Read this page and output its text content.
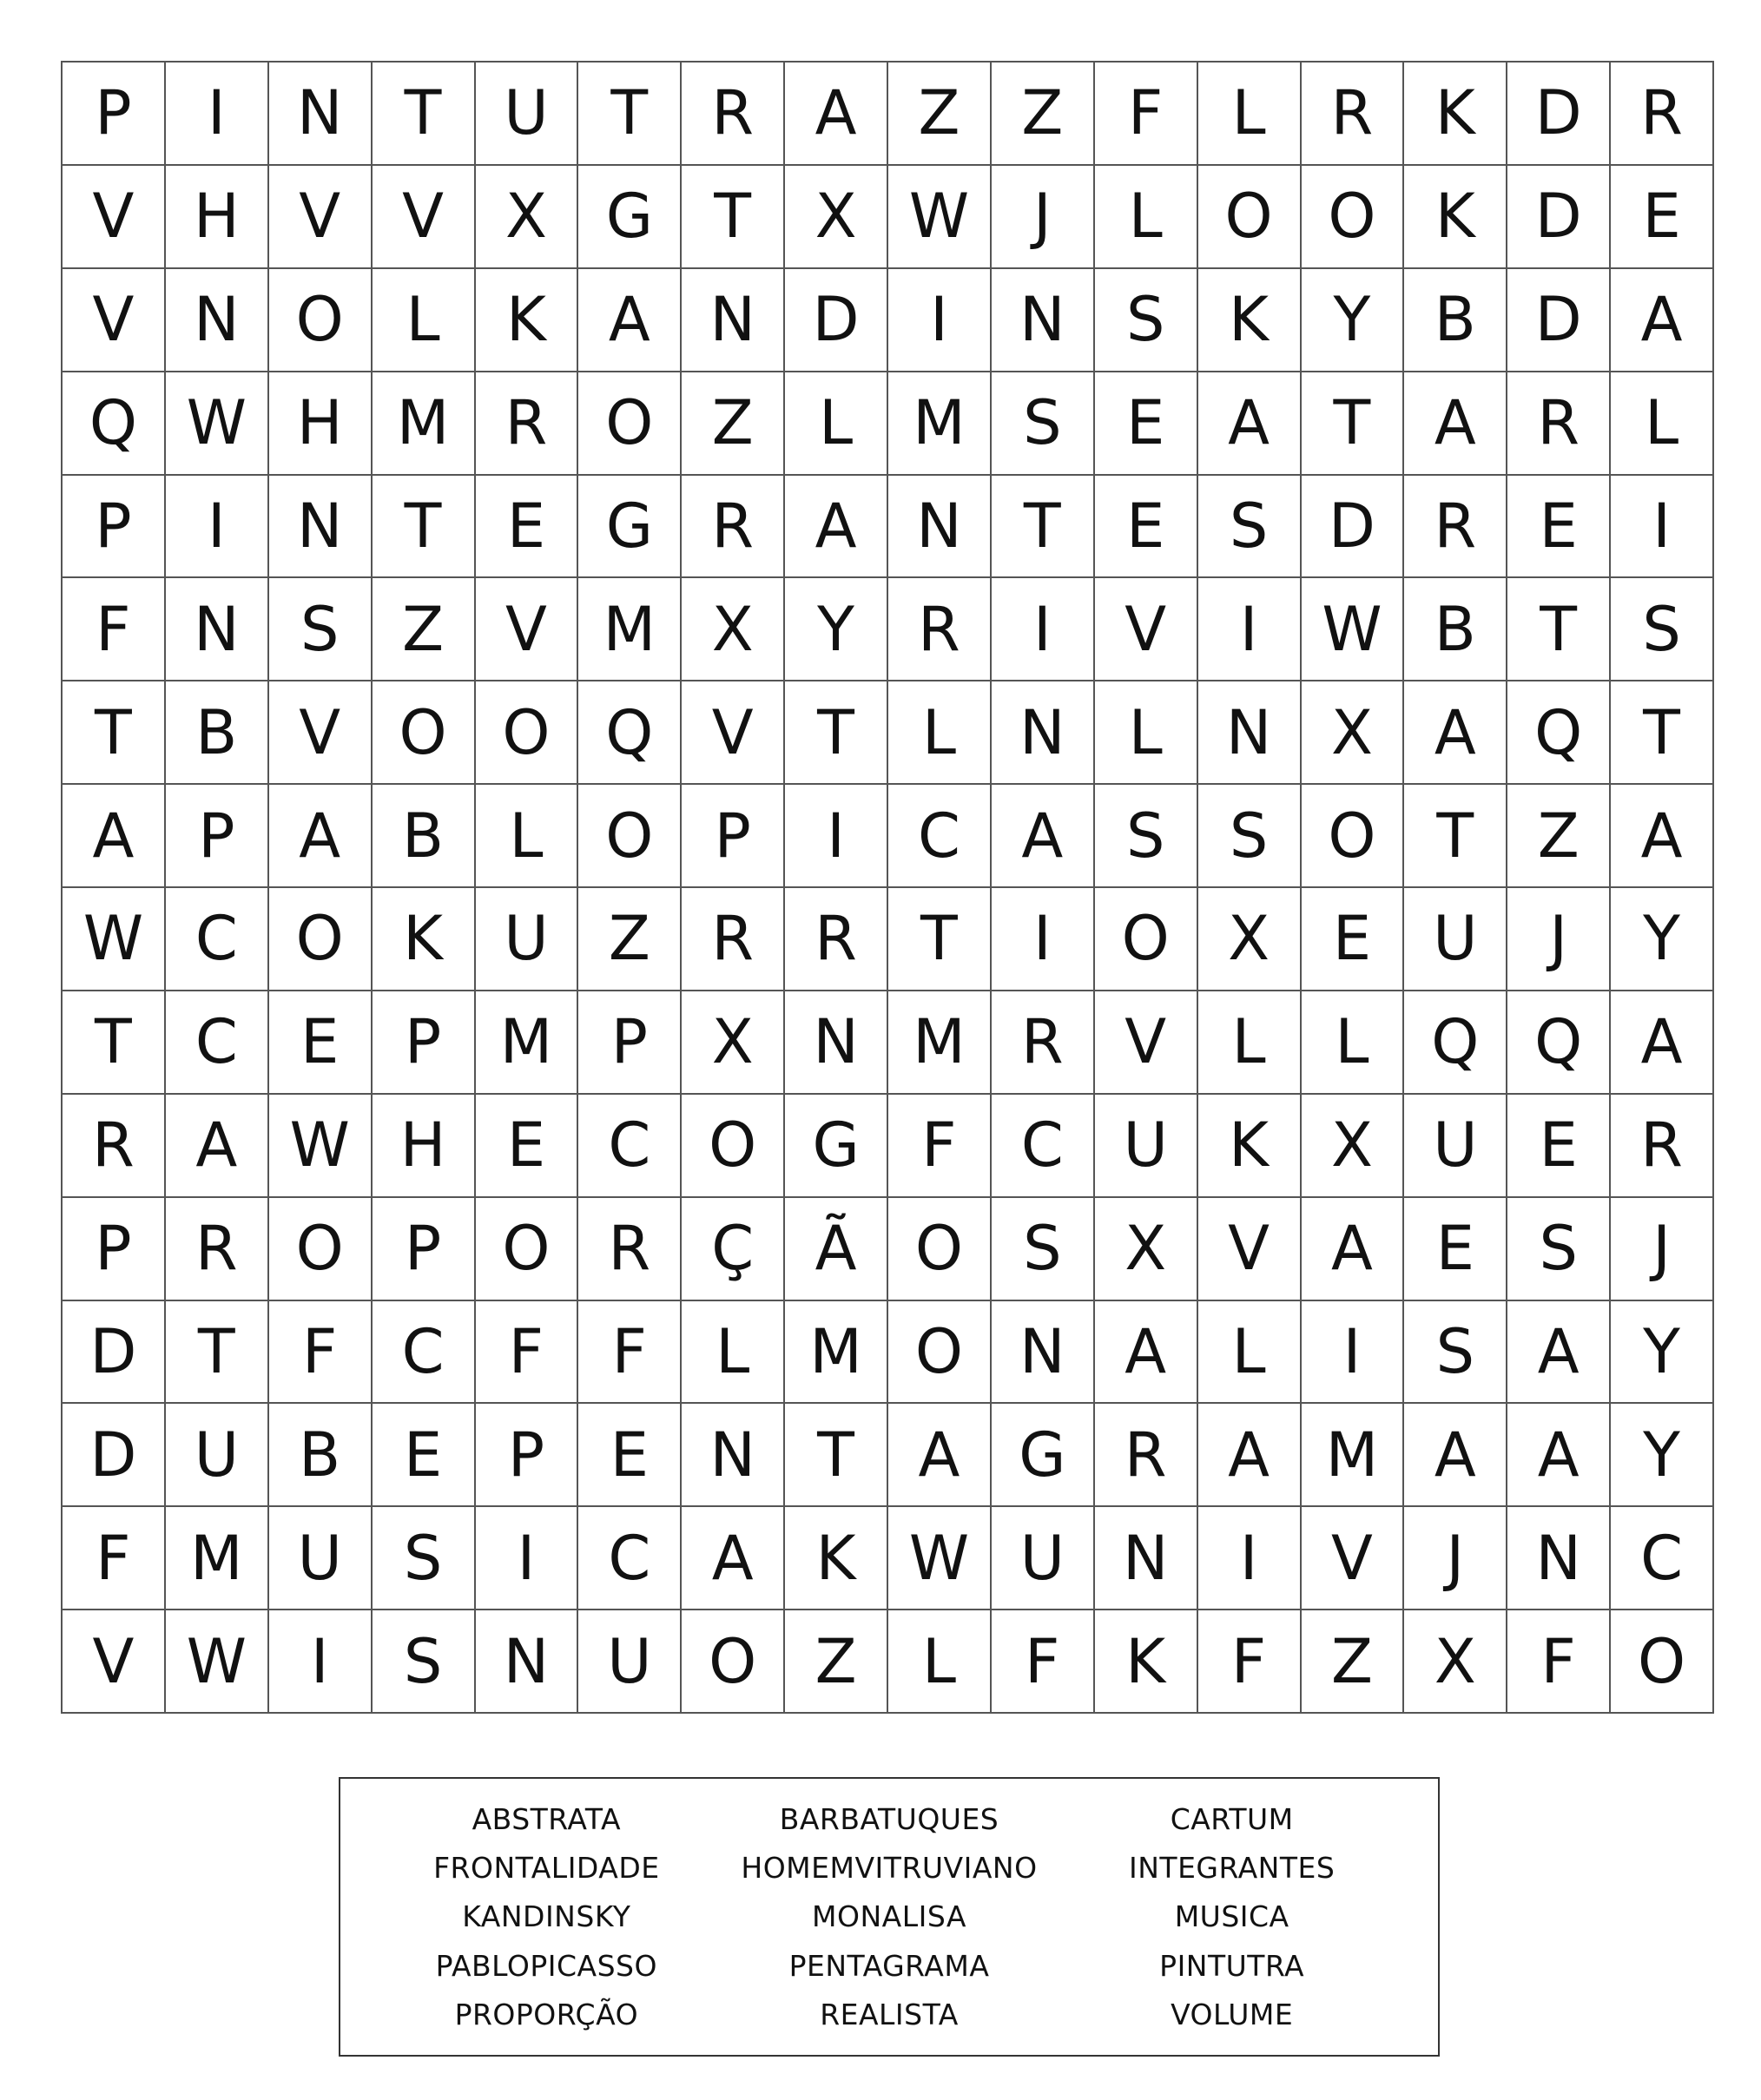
P	I	N	T	U	T	R	A	Z	Z	F	L	R	K D R
V H V	V	X G	T	X W	J	L	O O K D E
V N O	L	K	A N D	I	N	S	K	Y	B D A
Q W H M R O Z	L M S	E	A	T	A	R	L
P	I	N	T	E G R	A N	T	E	S D R	E	I
F	N	S	Z	V M X	Y	R	I	V	I	W B	T	S
T	B	V O O Q V	T	L	N	L	N X	A Q T
A	P	A	B	L	O	P	I	C	A	S	S O T	Z	A
W C O K	U Z	R	R	T	I	O X	E	U	J	Y
T	C	E	P M P	X N M R	V	L	L	Q Q A
R	A W H	E	C O G	F	C U	K	X U	E	R
P	R O	P	O R	Ç	Ã O S	X	V	A	E	S	J
D	T	F	C	F	F	L M O N A	L	I	S	A	Y
D U B	E	P	E	N	T	A G R	A M A	A	Y
F M U	S	I	C	A	K W U N	I	V	J	N C
V W	I	S	N U O Z	L	F	K	F	Z	X	F	O
ABSTRATA	BARBATUQUES	CARTUM
FRONTALIDADE	HOMEMVITRUVIANO	INTEGRANTES
KANDINSKY	MONALISA	MUSICA
PABLOPICASSO	PENTAGRAMA	PINTUTRA
PROPORÇÃO	REALISTA	VOLUME
